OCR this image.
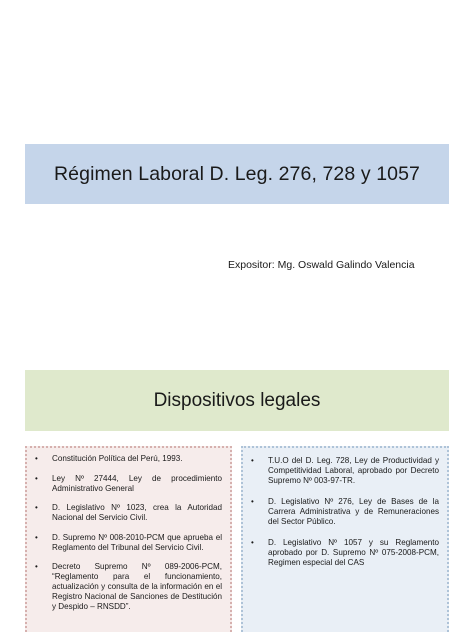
Régimen Laboral D. Leg. 276, 728 y 1057
Expositor: Mg. Oswald Galindo Valencia
Dispositivos legales
• Constitución Política del Perú, 1993.
• Ley Nº 27444, Ley de procedimiento Administrativo General
• D. Legislativo Nº 1023, crea la Autoridad Nacional del Servicio Civil.
• D. Supremo Nº 008-2010-PCM que aprueba el Reglamento del Tribunal del Servicio Civil.
• Decreto Supremo Nº 089-2006-PCM, “Reglamento para el funcionamiento, actualización y consulta de la información en el Registro Nacional de Sanciones de Destitución y Despido – RNSDD”.
• T.U.O del D. Leg. 728, Ley de Productividad y Competitividad Laboral, aprobado por Decreto Supremo Nº 003-97-TR.
• D. Legislativo Nº 276, Ley de Bases de la Carrera Administrativa y de Remuneraciones del Sector Público.
• D. Legislativo Nº 1057 y su Reglamento aprobado por D. Supremo Nº 075-2008-PCM, Regimen especial del CAS
